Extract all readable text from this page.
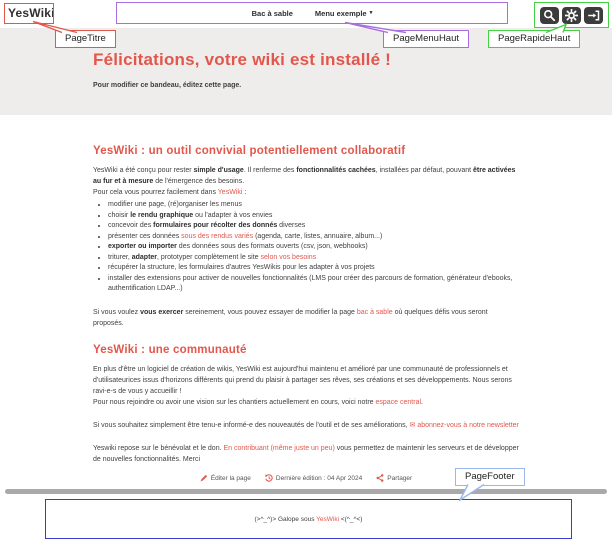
YesWiki	Bac à sable	Menu exemple ▾
Félicitations, votre wiki est installé !
Pour modifier ce bandeau, éditez cette page.
YesWiki : un outil convivial potentiellement collaboratif

YesWiki a été conçu pour rester simple d'usage. Il renferme des fonctionnalités cachées, installées par défaut, pouvant être activées au fur et à mesure de l'émergence des besoins.

Pour cela vous pourrez facilement dans YesWiki :

• modifier une page, (ré)organiser les menus
• choisir le rendu graphique ou l'adapter à vos envies
• concevoir des formulaires pour récolter des donnés diverses
• présenter ces données sous des rendus variés (agenda, carte, listes, annuaire, album...)
• exporter ou importer des données sous des formats ouverts (csv, json, webhooks)
• triturer, adapter, prototyper complètement le site selon vos besoins
• récupérer la structure, les formulaires d'autres YesWikis pour les adapter à vos projets
• installer des extensions pour activer de nouvelles fonctionnalités (LMS pour créer des parcours de formation, générateur d'ebooks, authentification LDAP...)

Si vous voulez vous exercer sereinement, vous pouvez essayer de modifier la page bac à sable où quelques défis vous seront proposés.

YesWiki : une communauté

En plus d'être un logiciel de création de wikis, YesWiki est aujourd'hui maintenu et amélioré par une communauté de professionnels et d'utilisateurices issus d'horizons différents qui prend du plaisir à partager ses rêves, ses créations et ses développements. Nous serons ravi-e-s de vous y accueillir !

Pour nous rejoindre ou avoir une vision sur les chantiers actuellement en cours, voici notre espace central.

Si vous souhaitez simplement être tenu-e informé-e des nouveautés de l'outil et de ses améliorations, ✉ abonnez-vous à notre newsletter

Yeswiki repose sur le bénévolat et le don. En contribuant (même juste un peu) vous permettez de maintenir les serveurs et de développer de nouvelles fonctionnalités. Merci

Éditer la page	Dernière édition : 04 Apr 2024	Partager

(>^_^)> Galope sous YesWiki <(^_^<)

PageTitre	PageMenuHaut	PageRapideHaut
PageFooter
